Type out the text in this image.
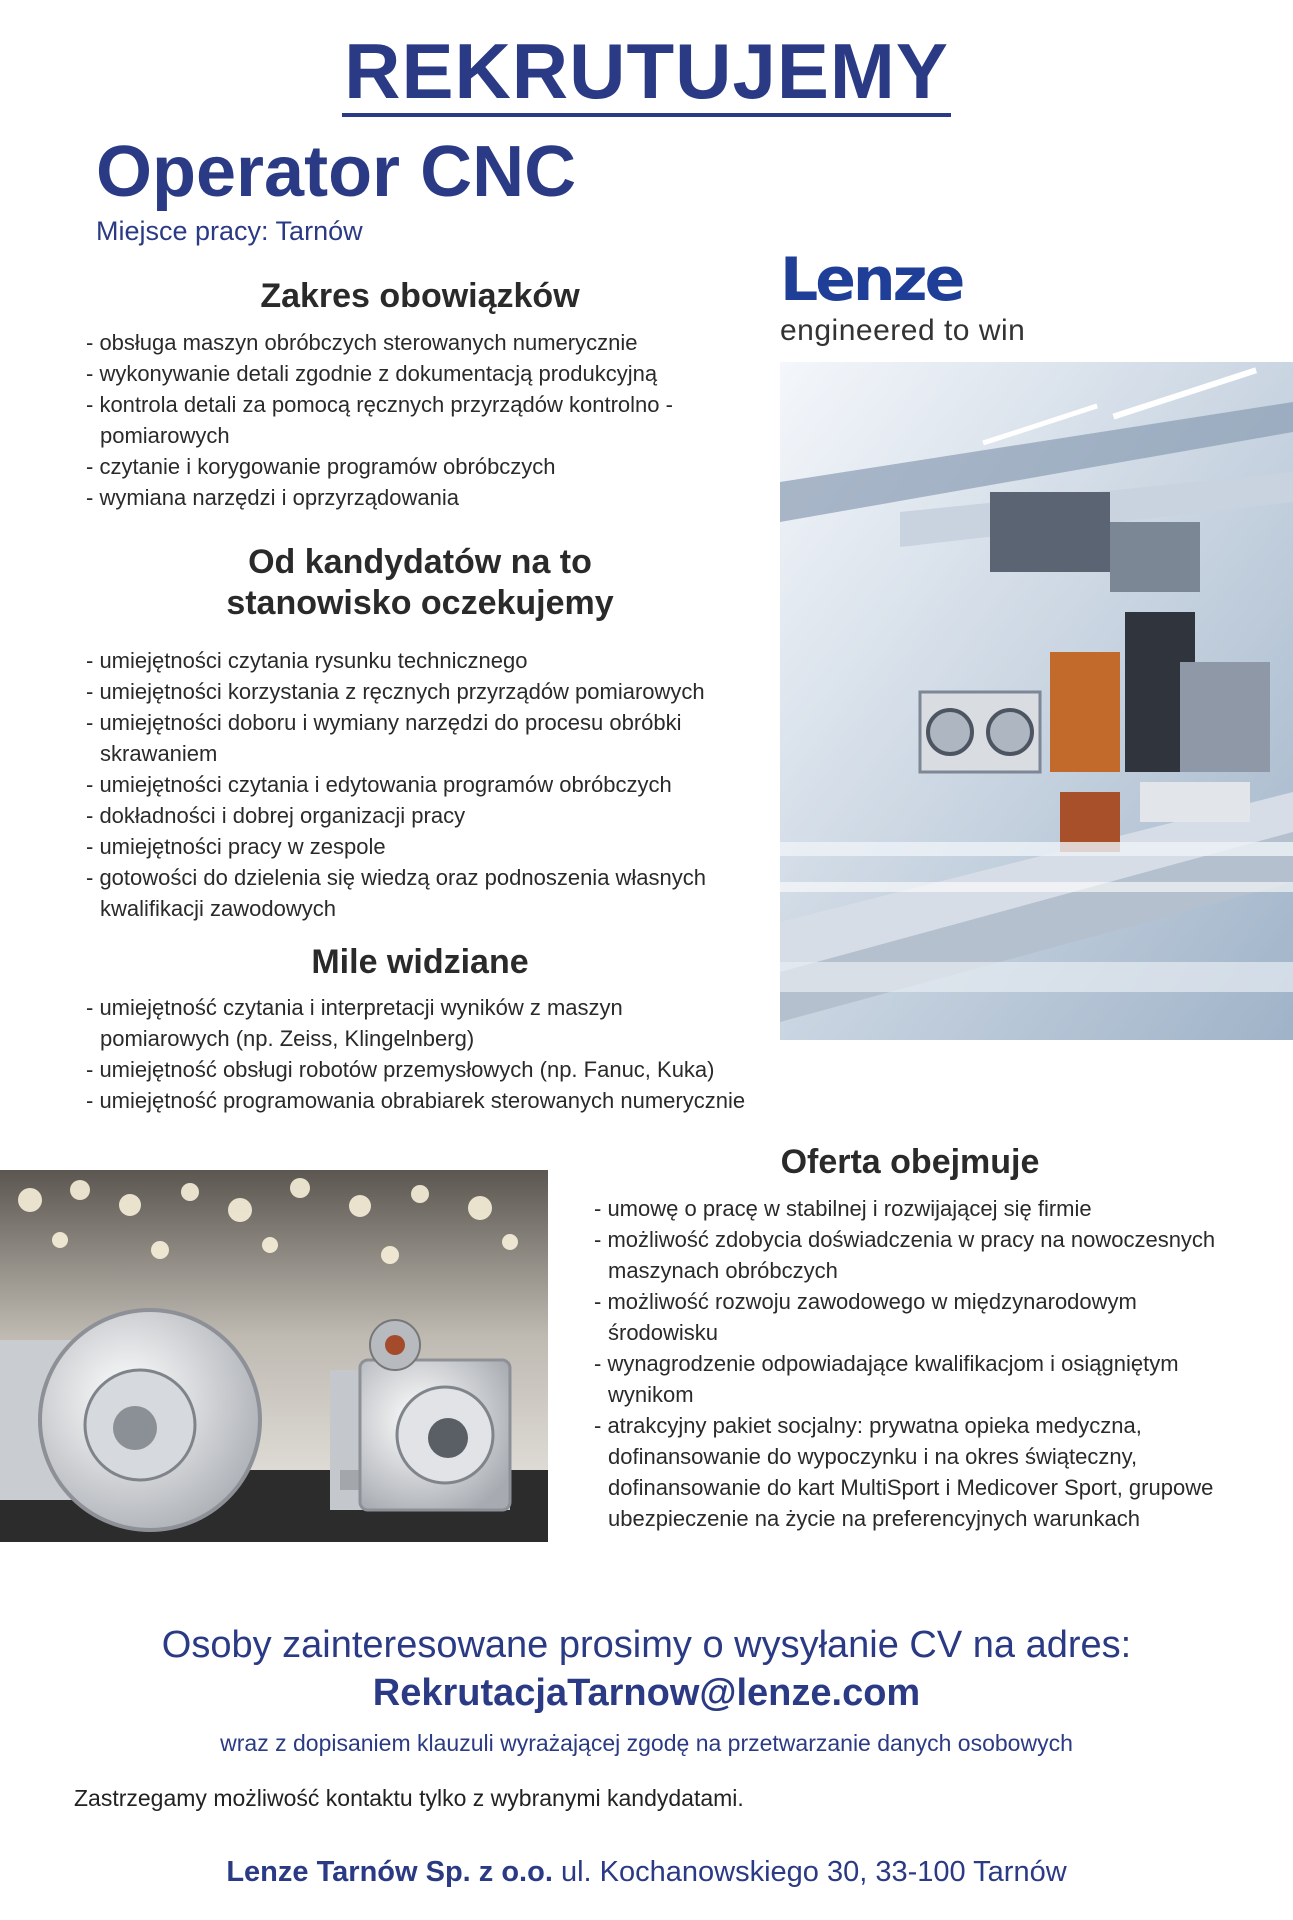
REKRUTUJEMY
Operator CNC
Miejsce pracy: Tarnów
Zakres obowiązków
- obsługa maszyn obróbczych sterowanych numerycznie
- wykonywanie detali zgodnie z dokumentacją produkcyjną
- kontrola detali za pomocą ręcznych przyrządów kontrolno - pomiarowych
- czytanie i korygowanie programów obróbczych
- wymiana narzędzi i oprzyrządowania
Od kandydatów na to stanowisko oczekujemy
- umiejętności czytania rysunku technicznego
- umiejętności korzystania z ręcznych przyrządów pomiarowych
- umiejętności doboru i wymiany narzędzi do procesu obróbki skrawaniem
- umiejętności czytania i edytowania programów obróbczych
- dokładności i dobrej organizacji pracy
- umiejętności pracy w zespole
- gotowości do dzielenia się wiedzą oraz podnoszenia własnych kwalifikacji zawodowych
Mile widziane
- umiejętność czytania i interpretacji wyników z maszyn pomiarowych (np. Zeiss, Klingelnberg)
- umiejętność obsługi robotów przemysłowych (np. Fanuc, Kuka)
- umiejętność programowania obrabiarek sterowanych numerycznie
Lenze
engineered to win
Oferta obejmuje
- umowę o pracę w stabilnej i rozwijającej się firmie
- możliwość zdobycia doświadczenia w pracy na nowoczesnych maszynach obróbczych
- możliwość rozwoju zawodowego w międzynarodowym środowisku
- wynagrodzenie odpowiadające kwalifikacjom i osiągniętym wynikom
- atrakcyjny pakiet socjalny: prywatna opieka medyczna, dofinansowanie do wypoczynku i na okres świąteczny, dofinansowanie do kart MultiSport i Medicover Sport, grupowe ubezpieczenie na życie na preferencyjnych warunkach
Osoby zainteresowane prosimy o wysyłanie CV na adres:
RekrutacjaTarnow@lenze.com
wraz z dopisaniem klauzuli wyrażającej zgodę na przetwarzanie danych osobowych
Zastrzegamy możliwość kontaktu tylko z wybranymi kandydatami.
Lenze Tarnów Sp. z o.o. ul. Kochanowskiego 30, 33-100 Tarnów
